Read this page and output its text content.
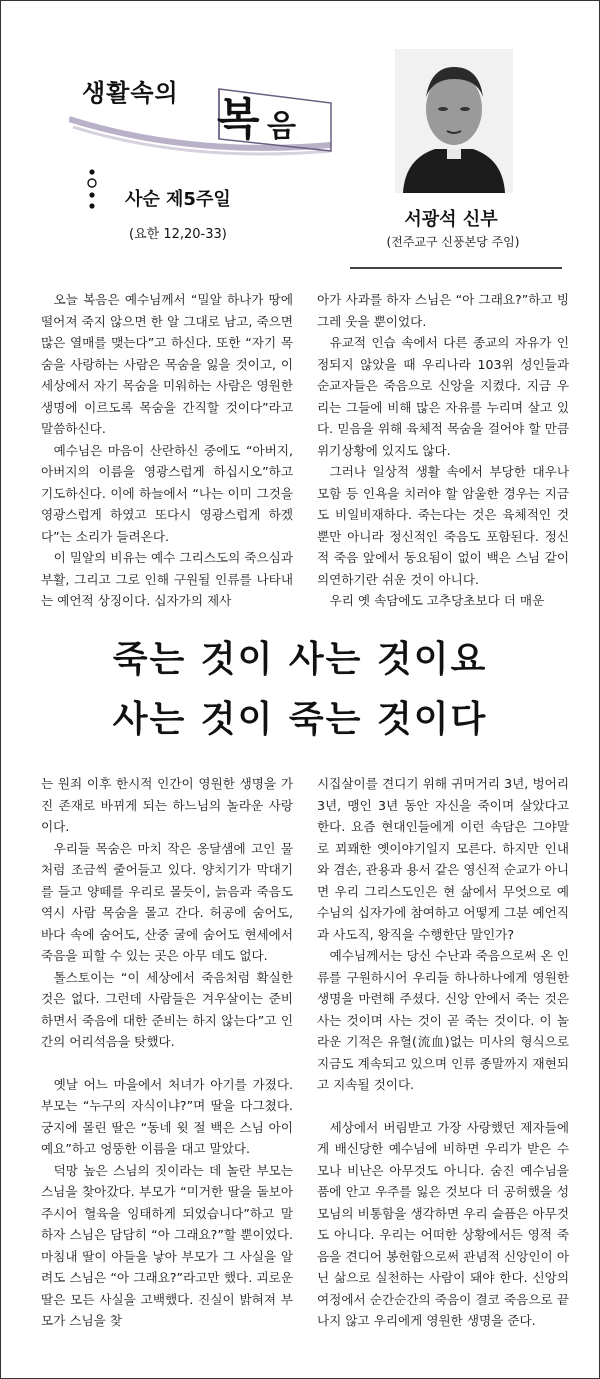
생활속의
복 음
사순 제5주일
(요한 12,20-33)
서광석 신부
(전주교구 신풍본당 주임)

오늘 복음은 예수님께서 “밀알 하나가 땅에 떨어져 죽지 않으면 한 알 그대로 남고, 죽으면 많은 열매를 맺는다”고 하신다. 또한 “자기 목숨을 사랑하는 사람은 목숨을 잃을 것이고, 이 세상에서 자기 목숨을 미워하는 사람은 영원한 생명에 이르도록 목숨을 간직할 것이다”라고 말씀하신다.

예수님은 마음이 산란하신 중에도 “아버지, 아버지의 이름을 영광스럽게 하십시오”하고 기도하신다. 이에 하늘에서 “나는 이미 그것을 영광스럽게 하였고 또다시 영광스럽게 하겠다”는 소리가 들려온다.

이 밀알의 비유는 예수 그리스도의 죽으심과 부활, 그리고 그로 인해 구원될 인류를 나타내는 예언적 상징이다. 십자가의 제사

아가 사과를 하자 스님은 “아 그래요?”하고 빙그레 웃을 뿐이었다.

유교적 인습 속에서 다른 종교의 자유가 인정되지 않았을 때 우리나라 103위 성인들과 순교자들은 죽음으로 신앙을 지켰다. 지금 우리는 그들에 비해 많은 자유를 누리며 살고 있다. 믿음을 위해 육체적 목숨을 걸어야 할 만큼 위기상황에 있지도 않다.

그러나 일상적 생활 속에서 부당한 대우나 모함 등 인욕을 치러야 할 암울한 경우는 지금도 비일비재하다. 죽는다는 것은 육체적인 것뿐만 아니라 정신적인 죽음도 포함된다. 정신적 죽음 앞에서 동요됨이 없이 백은 스님 같이 의연하기란 쉬운 것이 아니다.

우리 옛 속담에도 고추당초보다 더 매운

죽는 것이 사는 것이요
사는 것이 죽는 것이다

는 원죄 이후 한시적 인간이 영원한 생명을 가진 존재로 바뀌게 되는 하느님의 놀라운 사랑이다.

우리들 목숨은 마치 작은 옹달샘에 고인 물처럼 조금씩 줄어들고 있다. 양치기가 막대기를 들고 양떼를 우리로 몰듯이, 늙음과 죽음도 역시 사람 목숨을 몰고 간다. 허공에 숨어도, 바다 속에 숨어도, 산중 굴에 숨어도 현세에서 죽음을 피할 수 있는 곳은 아무 데도 없다.

톨스토이는 “이 세상에서 죽음처럼 확실한 것은 없다. 그런데 사람들은 겨우살이는 준비하면서 죽음에 대한 준비는 하지 않는다”고 인간의 어리석음을 탓했다.

옛날 어느 마을에서 처녀가 아기를 가졌다. 부모는 “누구의 자식이냐?”며 딸을 다그쳤다. 궁지에 몰린 딸은 “동네 윗 절 백은 스님 아이예요”하고 엉뚱한 이름을 대고 말았다.

덕망 높은 스님의 짓이라는 데 놀란 부모는 스님을 찾아갔다. 부모가 “미거한 딸을 돌보아 주시어 혈육을 잉태하게 되었습니다”하고 말하자 스님은 담담히 “아 그래요?”할 뿐이었다. 마침내 딸이 아들을 낳아 부모가 그 사실을 알려도 스님은 “아 그래요?”라고만 했다. 괴로운 딸은 모든 사실을 고백했다. 진실이 밝혀져 부모가 스님을 찾

시집살이를 견디기 위해 귀머거리 3년, 벙어리 3년, 맹인 3년 동안 자신을 죽이며 살았다고 한다. 요즘 현대인들에게 이런 속담은 그야말로 꾀꽤한 옛이야기일지 모른다. 하지만 인내와 겸손, 관용과 용서 같은 영신적 순교가 아니면 우리 그리스도인은 현 삶에서 무엇으로 예수님의 십자가에 참여하고 어떻게 그분 예언직과 사도직, 왕직을 수행한단 말인가?

예수님께서는 당신 수난과 죽음으로써 온 인류를 구원하시어 우리들 하나하나에게 영원한 생명을 마련해 주셨다. 신앙 안에서 죽는 것은 사는 것이며 사는 것이 곧 죽는 것이다. 이 놀라운 기적은 유혈(流血)없는 미사의 형식으로 지금도 계속되고 있으며 인류 종말까지 재현되고 지속될 것이다.

세상에서 버림받고 가장 사랑했던 제자들에게 배신당한 예수님에 비하면 우리가 받은 수모나 비난은 아무것도 아니다. 숨진 예수님을 품에 안고 우주를 잃은 것보다 더 공허했을 성모님의 비통함을 생각하면 우리 슬픔은 아무것도 아니다. 우리는 어떠한 상황에서든 영적 죽음을 견디어 봉헌함으로써 관념적 신앙인이 아닌 삶으로 실천하는 사람이 돼야 한다. 신앙의 여정에서 순간순간의 죽음이 결코 죽음으로 끝나지 않고 우리에게 영원한 생명을 준다.
